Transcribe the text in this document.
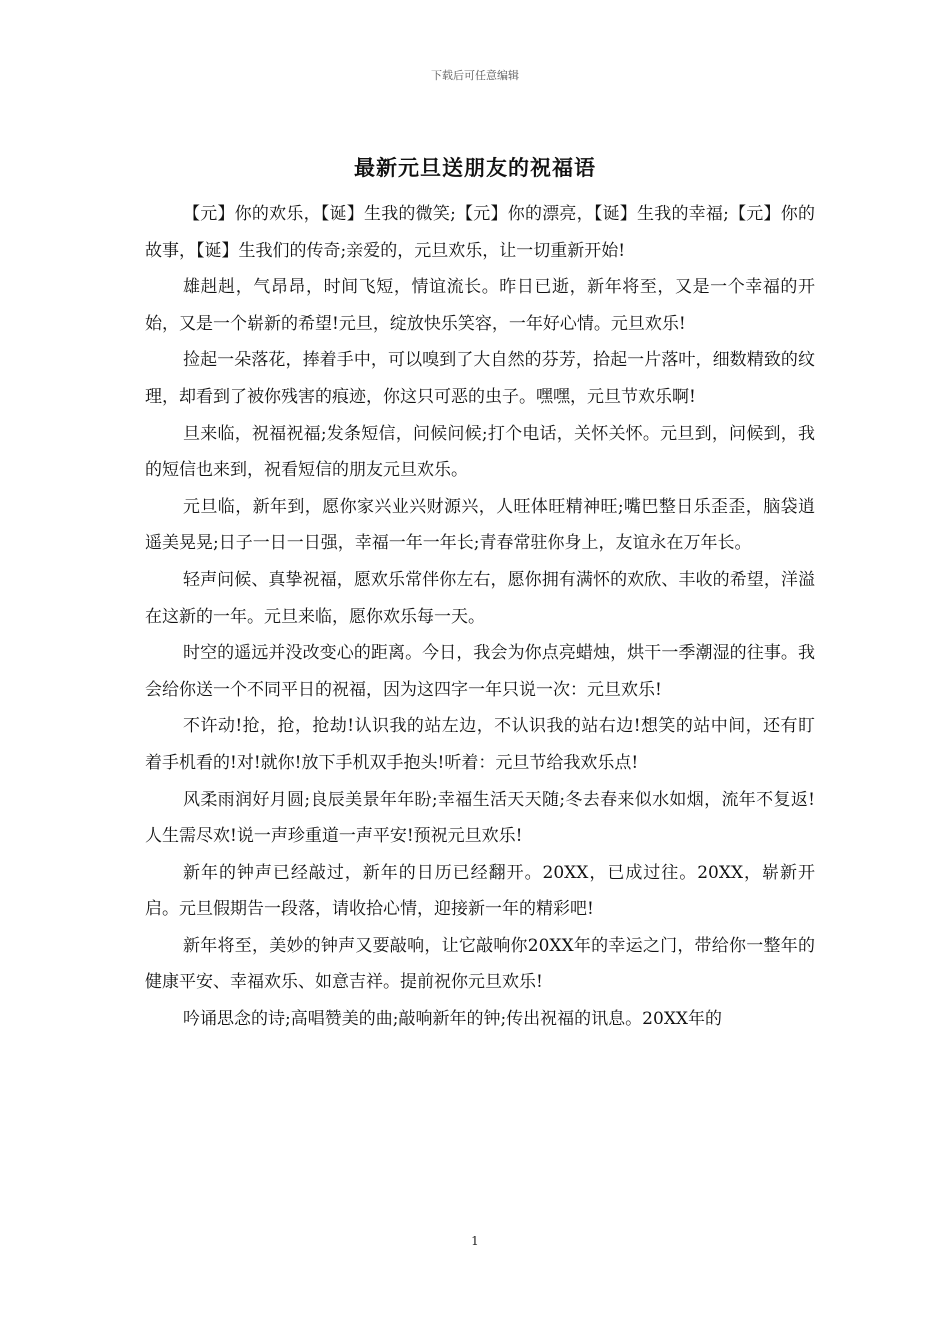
下载后可任意编辑
最新元旦送朋友的祝福语

【元】你的欢乐，【诞】生我的微笑;【元】你的漂亮，【诞】生我的幸福;【元】你的故事，【诞】生我们的传奇;亲爱的，元旦欢乐，让一切重新开始!

雄赳赳，气昂昂，时间飞短，情谊流长。昨日已逝，新年将至，又是一个幸福的开始，又是一个崭新的希望!元旦，绽放快乐笑容，一年好心情。元旦欢乐!

捡起一朵落花，捧着手中，可以嗅到了大自然的芬芳，拾起一片落叶，细数精致的纹理，却看到了被你残害的痕迹，你这只可恶的虫子。嘿嘿，元旦节欢乐啊!

旦来临，祝福祝福;发条短信，问候问候;打个电话，关怀关怀。元旦到，问候到，我的短信也来到，祝看短信的朋友元旦欢乐。

元旦临，新年到，愿你家兴业兴财源兴，人旺体旺精神旺;嘴巴整日乐歪歪，脑袋逍遥美晃晃;日子一日一日强，幸福一年一年长;青春常驻你身上，友谊永在万年长。

轻声问候、真挚祝福，愿欢乐常伴你左右，愿你拥有满怀的欢欣、丰收的希望，洋溢在这新的一年。元旦来临，愿你欢乐每一天。

时空的遥远并没改变心的距离。今日，我会为你点亮蜡烛，烘干一季潮湿的往事。我会给你送一个不同平日的祝福，因为这四字一年只说一次：元旦欢乐!

不许动!抢，抢，抢劫!认识我的站左边，不认识我的站右边!想笑的站中间，还有盯着手机看的!对!就你!放下手机双手抱头!听着：元旦节给我欢乐点!

风柔雨润好月圆;良辰美景年年盼;幸福生活天天随;冬去春来似水如烟，流年不复返!人生需尽欢!说一声珍重道一声平安!预祝元旦欢乐!

新年的钟声已经敲过，新年的日历已经翻开。20XX，已成过往。20XX，崭新开启。元旦假期告一段落，请收拾心情，迎接新一年的精彩吧!

新年将至，美妙的钟声又要敲响，让它敲响你20XX年的幸运之门，带给你一整年的健康平安、幸福欢乐、如意吉祥。提前祝你元旦欢乐!

吟诵思念的诗;高唱赞美的曲;敲响新年的钟;传出祝福的讯息。20XX年的

1
